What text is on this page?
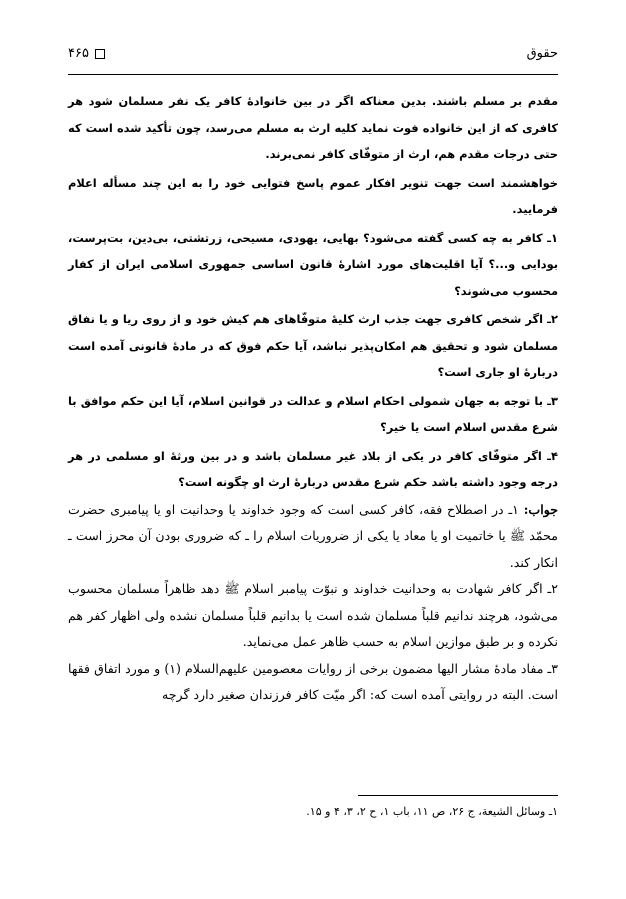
حقوق
۴۶۵

مقدم بر مسلم باشند. بدین معناکه اگر در بین خانوادهٔ کافر یک نفر مسلمان شود هر کافری که از این خانواده فوت نماید کلیه ارث به مسلم می‌رسد، چون تأکید شده است که حتی درجات مقدم هم، ارث از متوفّای کافر نمی‌برند.

خواهشمند است جهت تنویر افکار عموم پاسخ فتوایی خود را به این چند مسأله اعلام فرمایید.

۱ـ کافر به چه کسی گفته می‌شود؟ بهایی، یهودی، مسیحی، زرتشتی، بی‌دین، بت‌پرست، بودایی و...؟ آیا اقلیت‌های مورد اشارهٔ قانون اساسی جمهوری اسلامی ایران از کفار محسوب می‌شوند؟

۲ـ اگر شخص کافری جهت جذب ارث کلیهٔ متوفّاهای هم کیش خود و از روی ریا و یا نفاق مسلمان شود و تحقیق هم امکان‌پذیر نباشد، آیا حکم فوق که در مادهٔ قانونی آمده است دربارهٔ او جاری است؟

۳ـ با توجه به جهان شمولی احکام اسلام و عدالت در قوانین اسلام، آیا این حکم موافق با شرع مقدس اسلام است یا خیر؟

۴ـ اگر متوفّای کافر در یکی از بلاد غیر مسلمان باشد و در بین ورثهٔ او مسلمی در هر درجه وجود داشته باشد حکم شرع مقدس دربارهٔ ارث او چگونه است؟

جواب: ۱ـ در اصطلاح فقه، کافر کسی است که وجود خداوند یا وحدانیت او یا پیامبری حضرت محمّد ﷺ یا خاتمیت او یا معاد یا یکی از ضروریات اسلام را ـ که ضروری بودن آن محرز است ـ انکار کند.

۲ـ اگر کافر شهادت به وحدانیت خداوند و نبوّت پیامبر اسلام ﷺ دهد ظاهراً مسلمان محسوب می‌شود، هرچند ندانیم قلباً مسلمان شده است یا بدانیم قلباً مسلمان نشده ولی اظهار کفر هم نکرده و بر طبق موازین اسلام به حسب ظاهر عمل می‌نماید.

۳ـ مفاد مادهٔ مشار الیها مضمون برخی از روایات معصومین علیهم‌السلام (۱) و مورد اتفاق فقها است. البته در روایتی آمده است که: اگر میّت کافر فرزندان صغیر دارد گرچه

۱ـ وسائل الشیعة، ج ۲۶، ص ۱۱، باب ۱، ح ۲، ۳، ۴ و ۱۵.
